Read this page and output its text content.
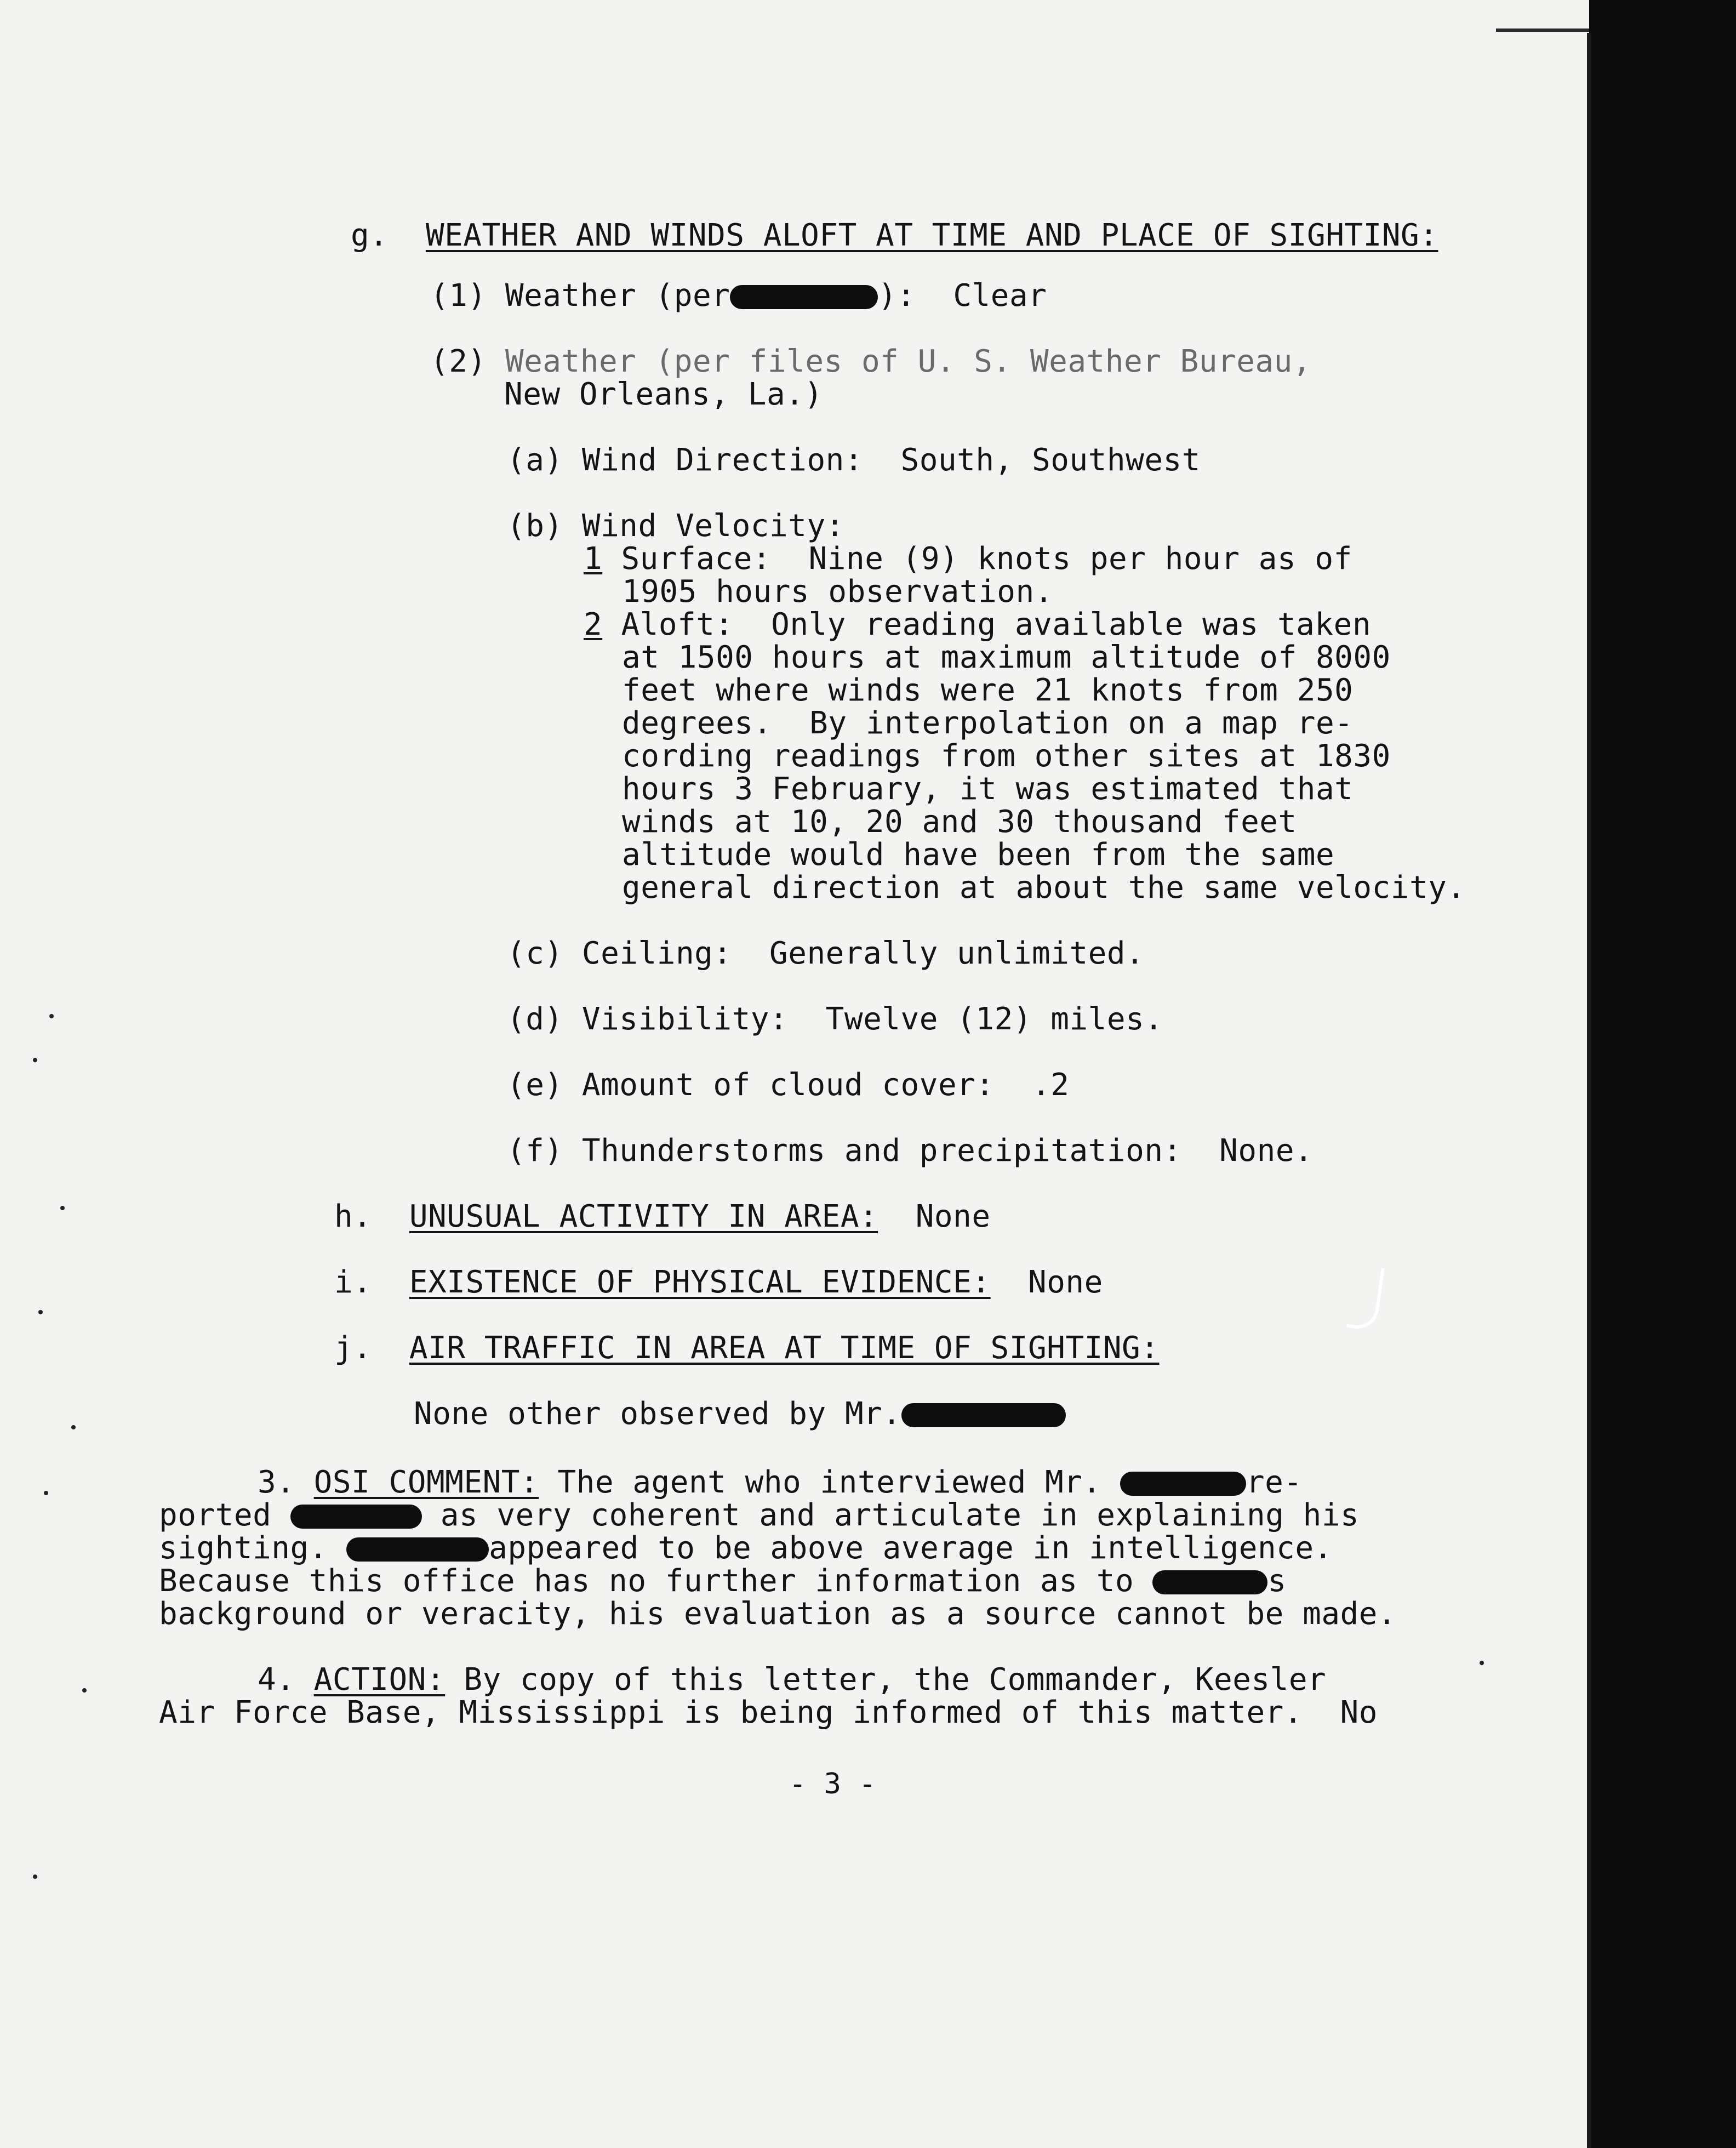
g. WEATHER AND WINDS ALOFT AT TIME AND PLACE OF SIGHTING:
(1) Weather (per	): Clear
(2) Weather (per files of U. S. Weather Bureau,
New Orleans, La.)
(a) Wind Direction:  South, Southwest
(b) Wind Velocity:
1 Surface:  Nine (9) knots per hour as of
1905 hours observation.
2 Aloft:  Only reading available was taken
at 1500 hours at maximum altitude of 8000
feet where winds were 21 knots from 250
degrees.  By interpolation on a map re-
cording readings from other sites at 1830
hours 3 February, it was estimated that
winds at 10, 20 and 30 thousand feet
altitude would have been from the same
general direction at about the same velocity.
(c) Ceiling:  Generally unlimited.
(d) Visibility:  Twelve (12) miles.
(e) Amount of cloud cover:  .2
(f) Thunderstorms and precipitation:  None.
h. UNUSUAL ACTIVITY IN AREA: None
i. EXISTENCE OF PHYSICAL EVIDENCE: None
j. AIR TRAFFIC IN AREA AT TIME OF SIGHTING:
None other observed by Mr.
3. OSI COMMENT: The agent who interviewed Mr.	re-
ported	as very coherent and articulate in explaining his
sighting.	appeared to be above average in intelligence.
Because this office has no further information as to	s
background or veracity, his evaluation as a source cannot be made.
4. ACTION: By copy of this letter, the Commander, Keesler
Air Force Base, Mississippi is being informed of this matter.  No
- 3 -
